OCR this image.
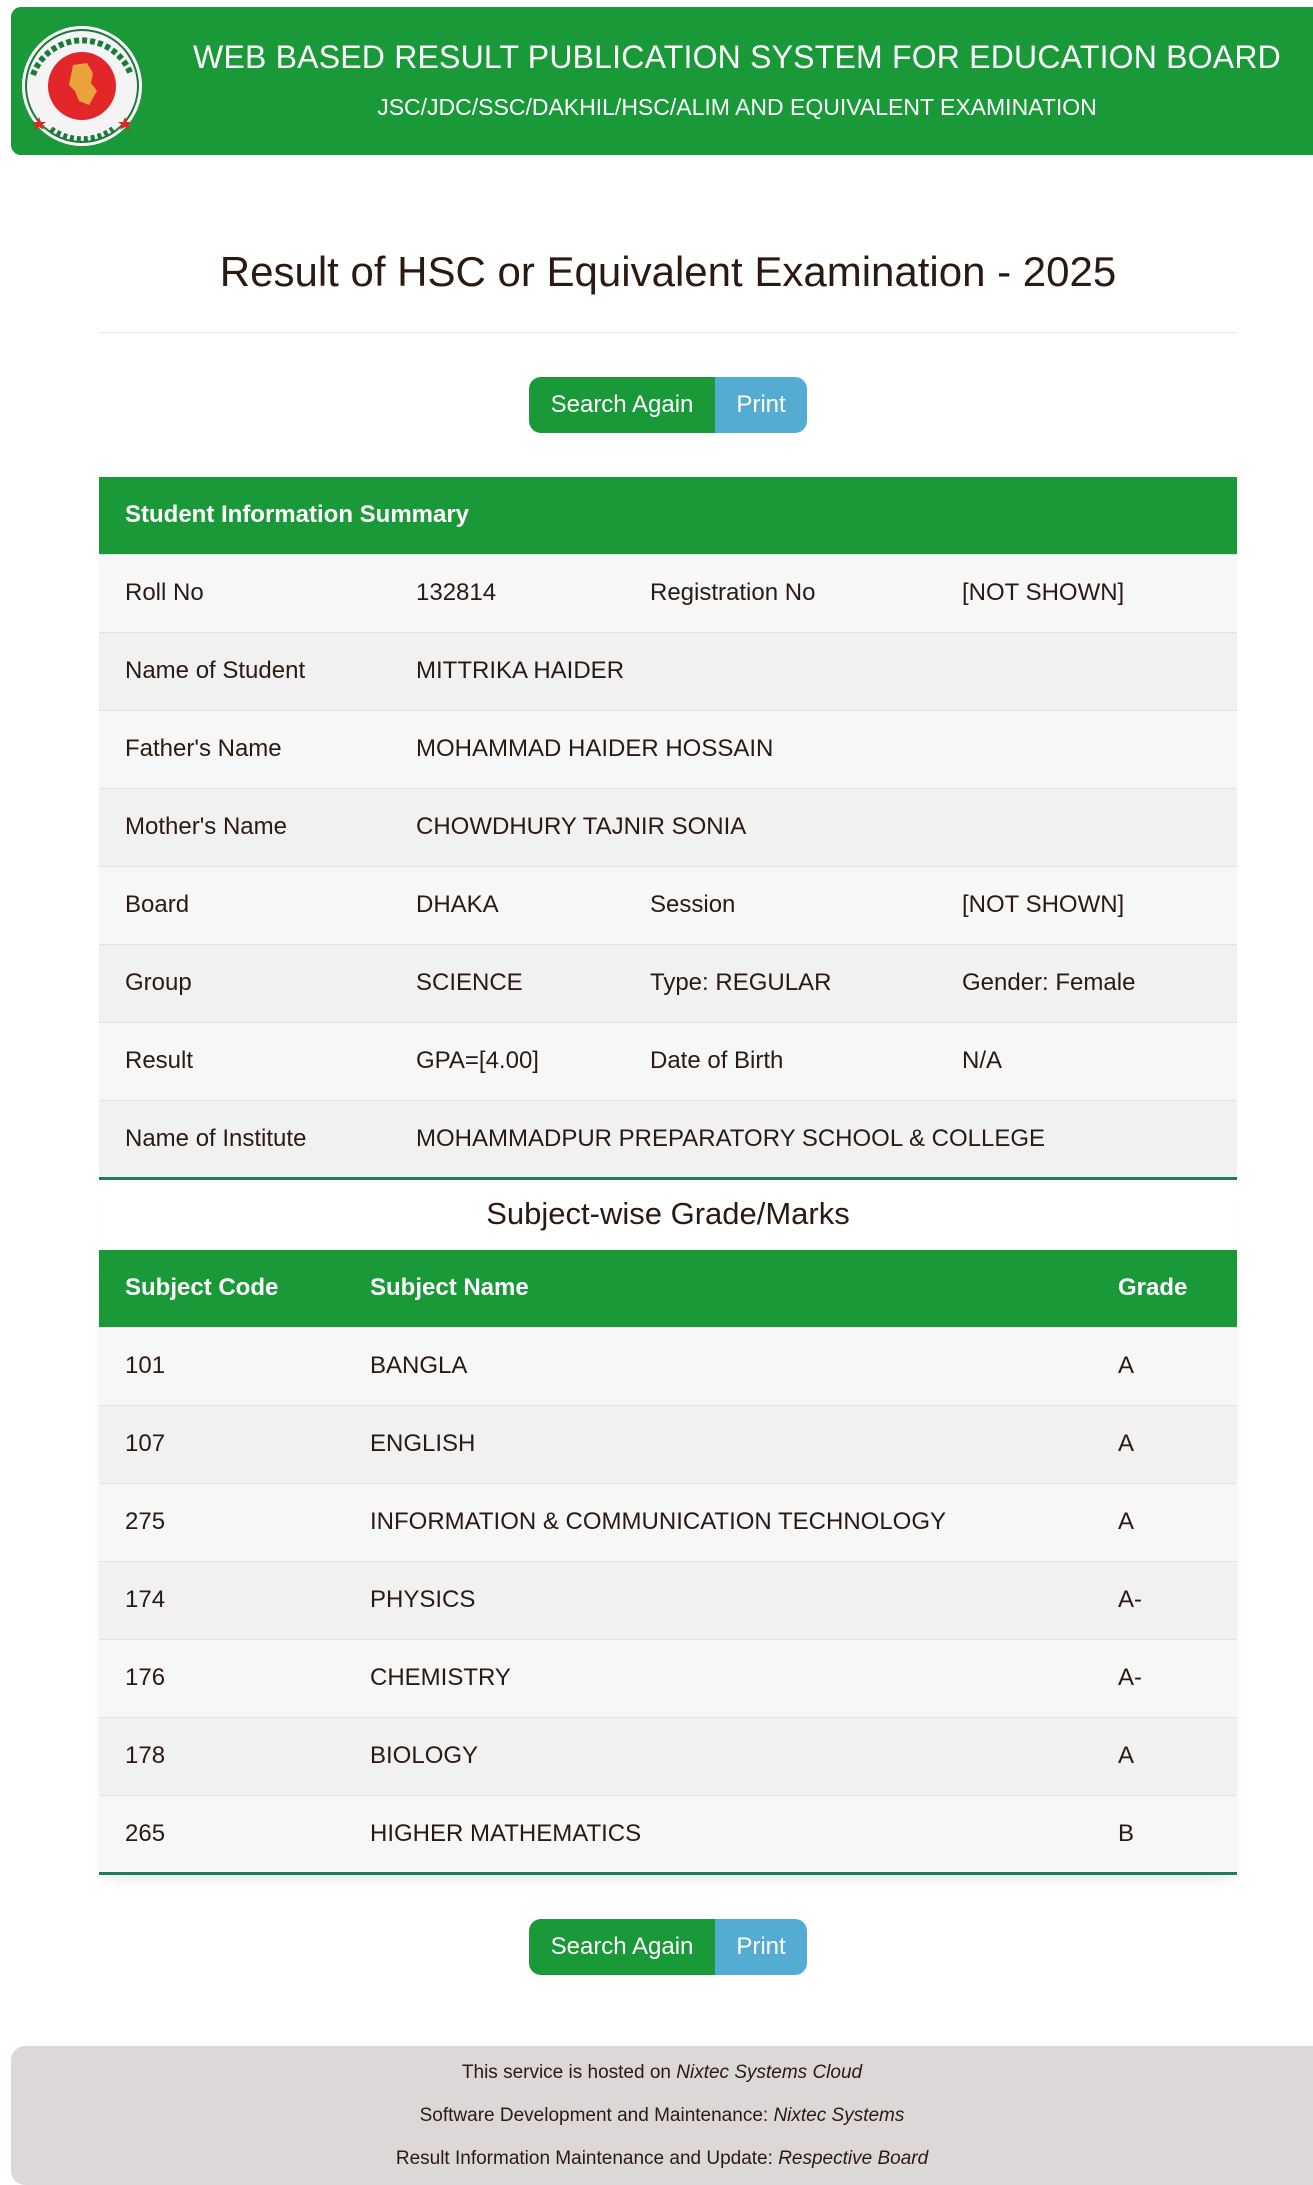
WEB BASED RESULT PUBLICATION SYSTEM FOR EDUCATION BOARD
JSC/JDC/SSC/DAKHIL/HSC/ALIM AND EQUIVALENT EXAMINATION
Result of HSC or Equivalent Examination - 2025
Search Again	Print
Student Information Summary			
Roll No	132814	Registration No	[NOT SHOWN]
Name of Student	MITTRIKA HAIDER		
Father's Name	MOHAMMAD HAIDER HOSSAIN		
Mother's Name	CHOWDHURY TAJNIR SONIA		
Board	DHAKA	Session	[NOT SHOWN]
Group	SCIENCE	Type: REGULAR	Gender: Female
Result	GPA=[4.00]	Date of Birth	N/A
Name of Institute	MOHAMMADPUR PREPARATORY SCHOOL & COLLEGE		
Subject-wise Grade/Marks
Subject Code	Subject Name	Grade
101	BANGLA	A
107	ENGLISH	A
275	INFORMATION & COMMUNICATION TECHNOLOGY	A
174	PHYSICS	A-
176	CHEMISTRY	A-
178	BIOLOGY	A
265	HIGHER MATHEMATICS	B
Search Again	Print

This service is hosted on Nixtec Systems Cloud

Software Development and Maintenance: Nixtec Systems

Result Information Maintenance and Update: Respective Board
